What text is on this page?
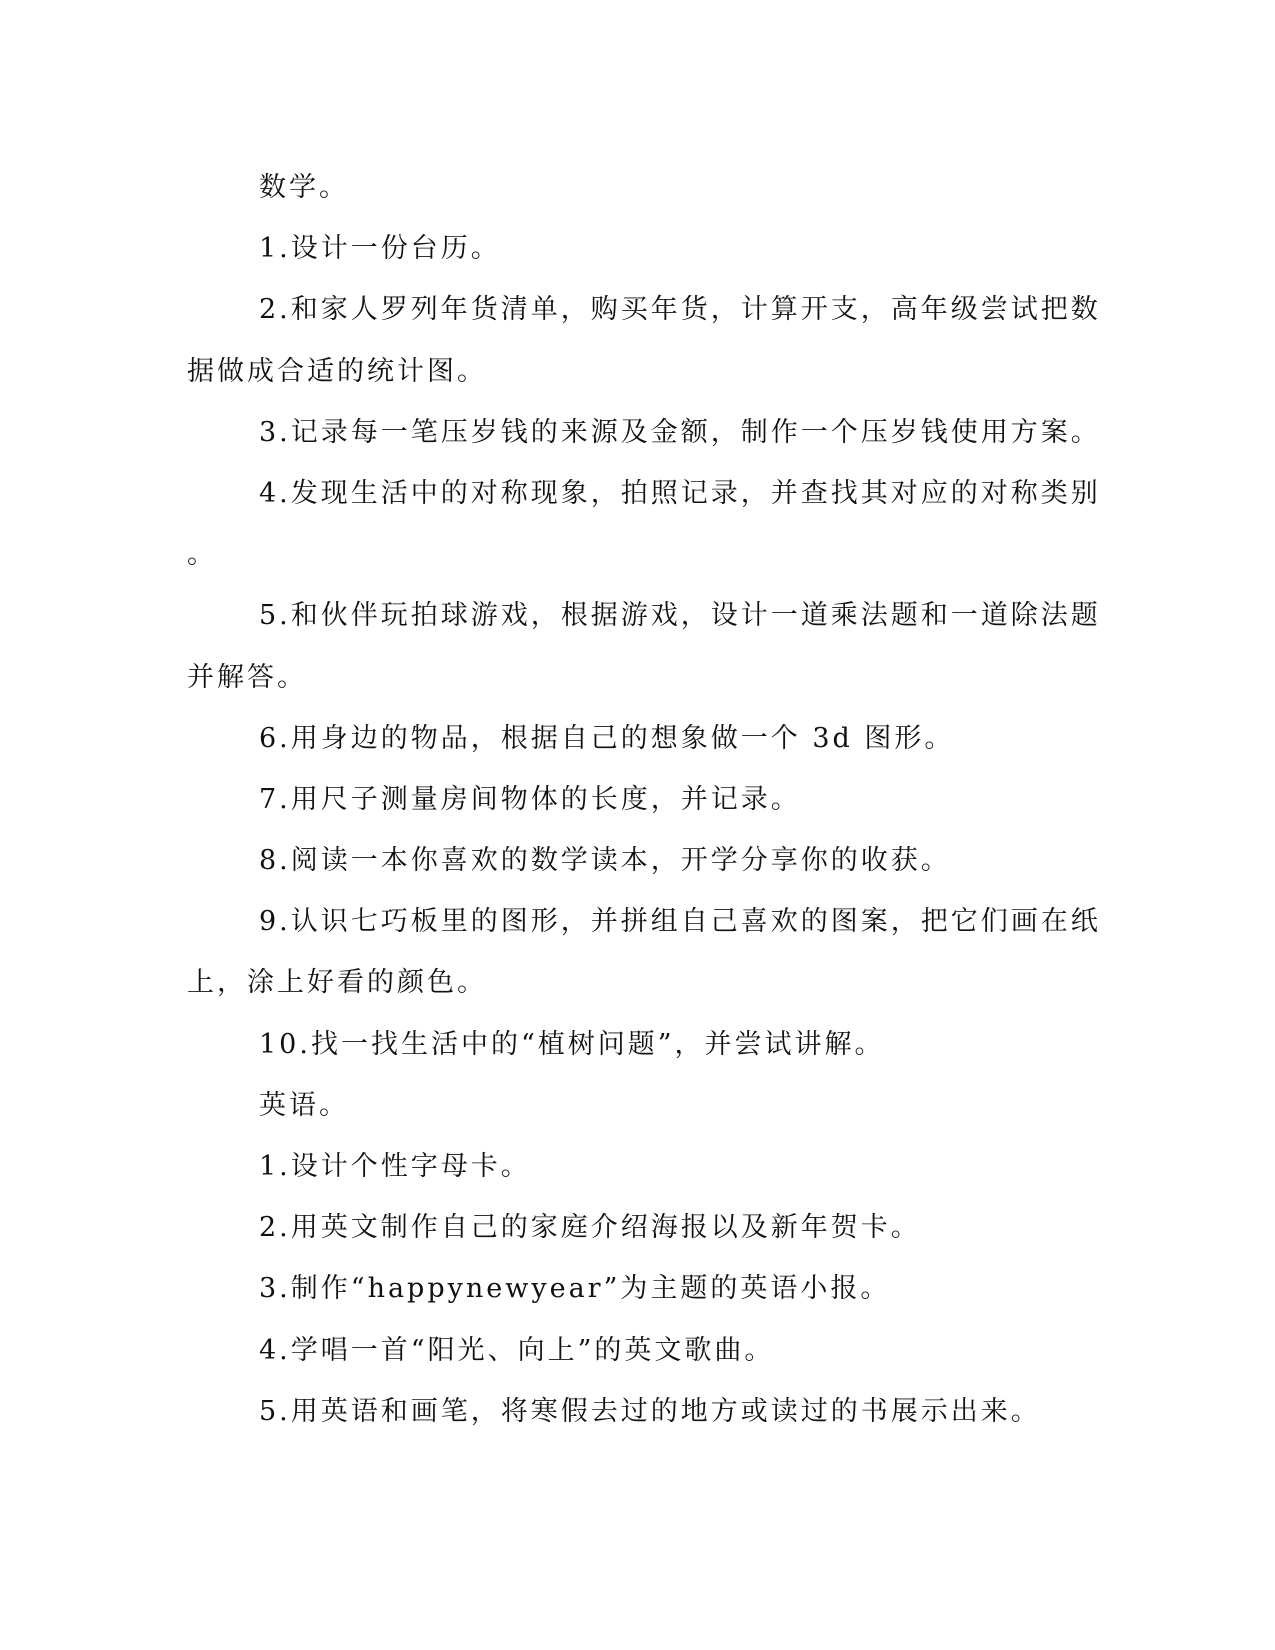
数学。
1.设计一份台历。
2.和家人罗列年货清单，购买年货，计算开支，高年级尝试把数
据做成合适的统计图。
3.记录每一笔压岁钱的来源及金额，制作一个压岁钱使用方案。
4.发现生活中的对称现象，拍照记录，并查找其对应的对称类别
。
5.和伙伴玩拍球游戏，根据游戏，设计一道乘法题和一道除法题
并解答。
6.用身边的物品，根据自己的想象做一个 3d 图形。
7.用尺子测量房间物体的长度，并记录。
8.阅读一本你喜欢的数学读本，开学分享你的收获。
9.认识七巧板里的图形，并拼组自己喜欢的图案，把它们画在纸
上，涂上好看的颜色。
10.找一找生活中的“植树问题”，并尝试讲解。
英语。
1.设计个性字母卡。
2.用英文制作自己的家庭介绍海报以及新年贺卡。
3.制作“happynewyear”为主题的英语小报。
4.学唱一首“阳光、向上”的英文歌曲。
5.用英语和画笔，将寒假去过的地方或读过的书展示出来。
